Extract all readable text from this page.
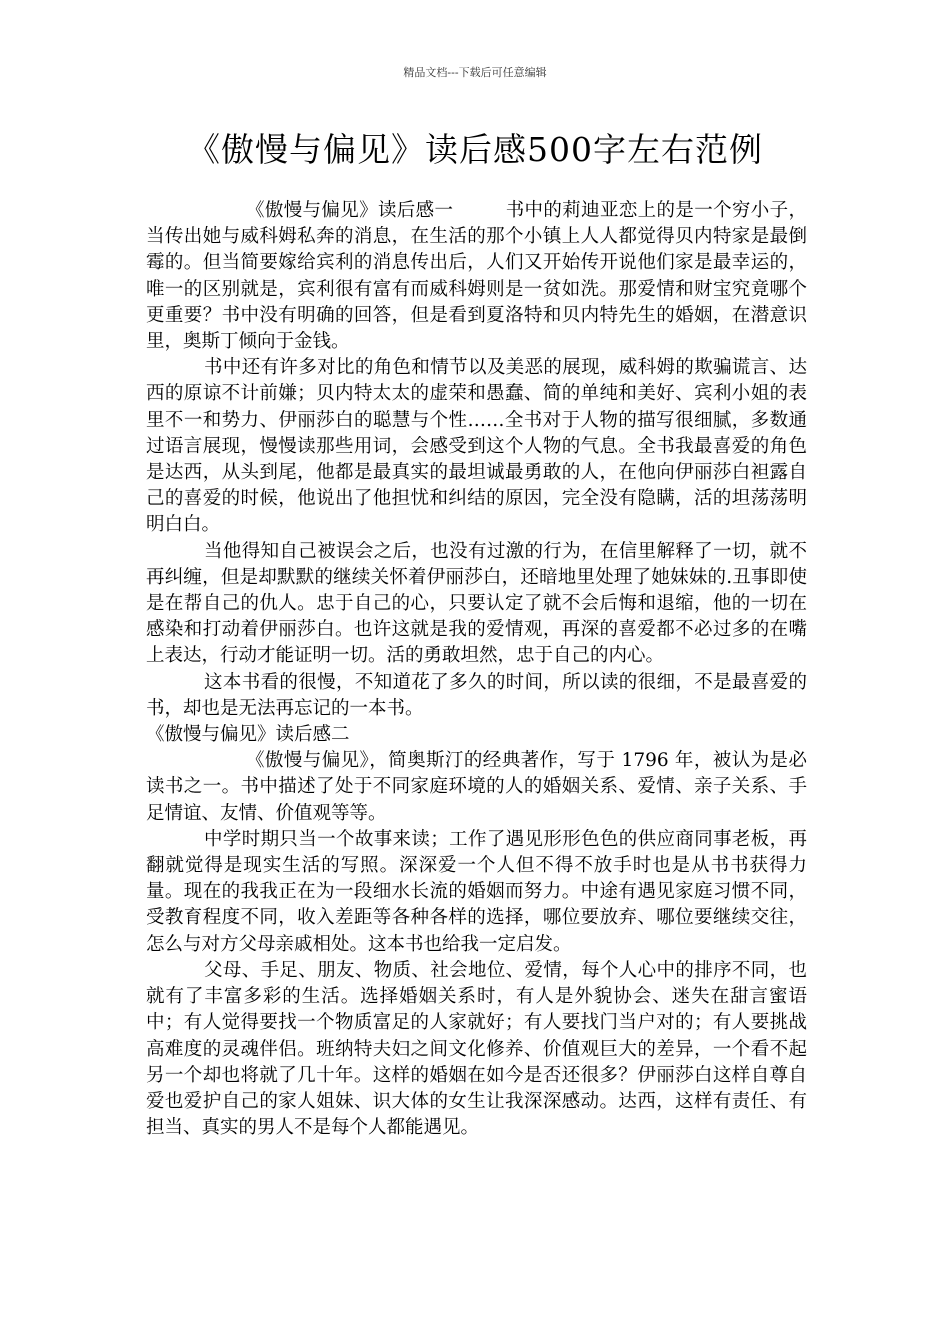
精品文档---下载后可任意编辑
《傲慢与偏见》读后感500字左右范例

《傲慢与偏见》读后感一	书中的莉迪亚恋上的是一个穷小子，当传出她与威科姆私奔的消息，在生活的那个小镇上人人都觉得贝内特家是最倒霉的。但当简要嫁给宾利的消息传出后，人们又开始传开说他们家是最幸运的，唯一的区别就是，宾利很有富有而威科姆则是一贫如洗。那爱情和财宝究竟哪个更重要？书中没有明确的回答，但是看到夏洛特和贝内特先生的婚姻，在潜意识里，奥斯丁倾向于金钱。

书中还有许多对比的角色和情节以及美恶的展现，威科姆的欺骗谎言、达西的原谅不计前嫌；贝内特太太的虚荣和愚蠢、简的单纯和美好、宾利小姐的表里不一和势力、伊丽莎白的聪慧与个性……全书对于人物的描写很细腻，多数通过语言展现，慢慢读那些用词，会感受到这个人物的气息。全书我最喜爱的角色是达西，从头到尾，他都是最真实的最坦诚最勇敢的人，在他向伊丽莎白袒露自己的喜爱的时候，他说出了他担忧和纠结的原因，完全没有隐瞒，活的坦荡荡明明白白。

当他得知自己被误会之后，也没有过激的行为，在信里解释了一切，就不再纠缠，但是却默默的继续关怀着伊丽莎白，还暗地里处理了她妹妹的.丑事即使是在帮自己的仇人。忠于自己的心，只要认定了就不会后悔和退缩，他的一切在感染和打动着伊丽莎白。也许这就是我的爱情观，再深的喜爱都不必过多的在嘴上表达，行动才能证明一切。活的勇敢坦然，忠于自己的内心。

这本书看的很慢，不知道花了多久的时间，所以读的很细，不是最喜爱的书，却也是无法再忘记的一本书。

《傲慢与偏见》读后感二

《傲慢与偏见》，简奥斯汀的经典著作，写于 1796 年，被认为是必读书之一。书中描述了处于不同家庭环境的人的婚姻关系、爱情、亲子关系、手足情谊、友情、价值观等等。

中学时期只当一个故事来读；工作了遇见形形色色的供应商同事老板，再翻就觉得是现实生活的写照。深深爱一个人但不得不放手时也是从书书获得力量。现在的我我正在为一段细水长流的婚姻而努力。中途有遇见家庭习惯不同，受教育程度不同，收入差距等各种各样的选择，哪位要放弃、哪位要继续交往，怎么与对方父母亲戚相处。这本书也给我一定启发。

父母、手足、朋友、物质、社会地位、爱情，每个人心中的排序不同，也就有了丰富多彩的生活。选择婚姻关系时，有人是外貌协会、迷失在甜言蜜语中；有人觉得要找一个物质富足的人家就好；有人要找门当户对的；有人要挑战高难度的灵魂伴侣。班纳特夫妇之间文化修养、价值观巨大的差异，一个看不起另一个却也将就了几十年。这样的婚姻在如今是否还很多？伊丽莎白这样自尊自爱也爱护自己的家人姐妹、识大体的女生让我深深感动。达西，这样有责任、有担当、真实的男人不是每个人都能遇见。
